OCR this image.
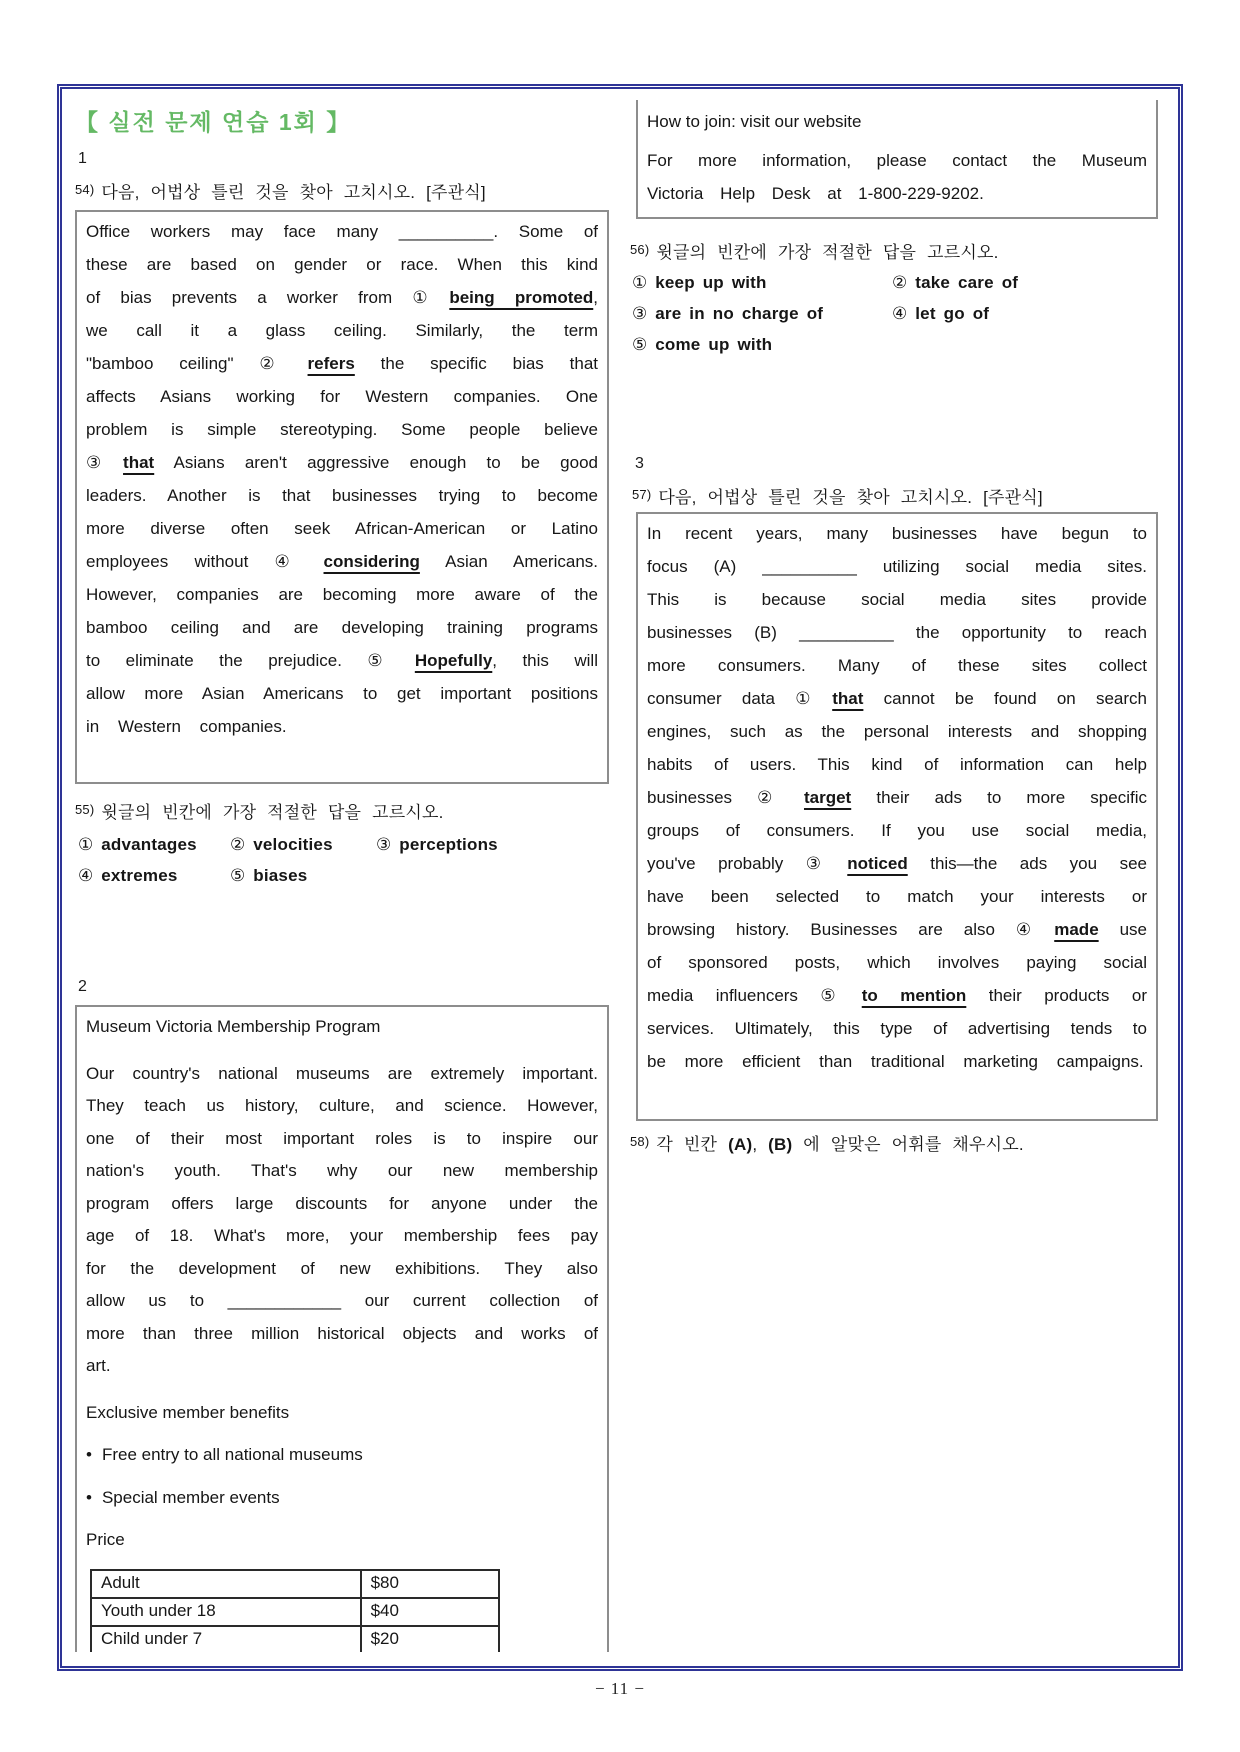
【 실전 문제 연습 1회 】
1
$^{54)}$ 다음, 어법상 틀린 것을 찾아 고치시오. [주관식]
Office workers may face many __________. Some of these are based on gender or race. When this kind of bias prevents a worker from ① being promoted, we call it a glass ceiling. Similarly, the term "bamboo ceiling" ② refers the specific bias that affects Asians working for Western companies. One problem is simple stereotyping. Some people believe ③ that Asians aren't aggressive enough to be good leaders. Another is that businesses trying to become more diverse often seek African-American or Latino employees without ④ considering Asian Americans. However, companies are becoming more aware of the bamboo ceiling and are developing training programs to eliminate the prejudice. ⑤ Hopefully, this will allow more Asian Americans to get important positions in Western companies.
$^{55)}$ 윗글의 빈칸에 가장 적절한 답을 고르시오.
① advantages	② velocities	③ perceptions
④ extremes	⑤ biases
2
Museum Victoria Membership Program
Our country's national museums are extremely important. They teach us history, culture, and science. However, one of their most important roles is to inspire our nation's youth. That's why our new membership program offers large discounts for anyone under the age of 18. What's more, your membership fees pay for the development of new exhibitions. They also allow us to ____________ our current collection of more than three million historical objects and works of art.
Exclusive member benefits
• Free entry to all national museums
• Special member events
Price
Adult	$80
Youth under 18	$40
Child under 7	$20
How to join: visit our website
For more information, please contact the Museum Victoria Help Desk at 1-800-229-9202.
$^{56)}$ 윗글의 빈칸에 가장 적절한 답을 고르시오.
① keep up with	② take care of
③ are in no charge of	④ let go of
⑤ come up with
3
$^{57)}$ 다음, 어법상 틀린 것을 찾아 고치시오. [주관식]
In recent years, many businesses have begun to focus (A) __________ utilizing social media sites. This is because social media sites provide businesses (B) __________ the opportunity to reach more consumers. Many of these sites collect consumer data ① that cannot be found on search engines, such as the personal interests and shopping habits of users. This kind of information can help businesses ② target their ads to more specific groups of consumers. If you use social media, you've probably ③ noticed this—the ads you see have been selected to match your interests or browsing history. Businesses are also ④ made use of sponsored posts, which involves paying social media influencers ⑤ to mention their products or services. Ultimately, this type of advertising tends to be more efficient than traditional marketing campaigns.
$^{58)}$ 각 빈칸 (A), (B) 에 알맞은 어휘를 채우시오.
− 11 −
